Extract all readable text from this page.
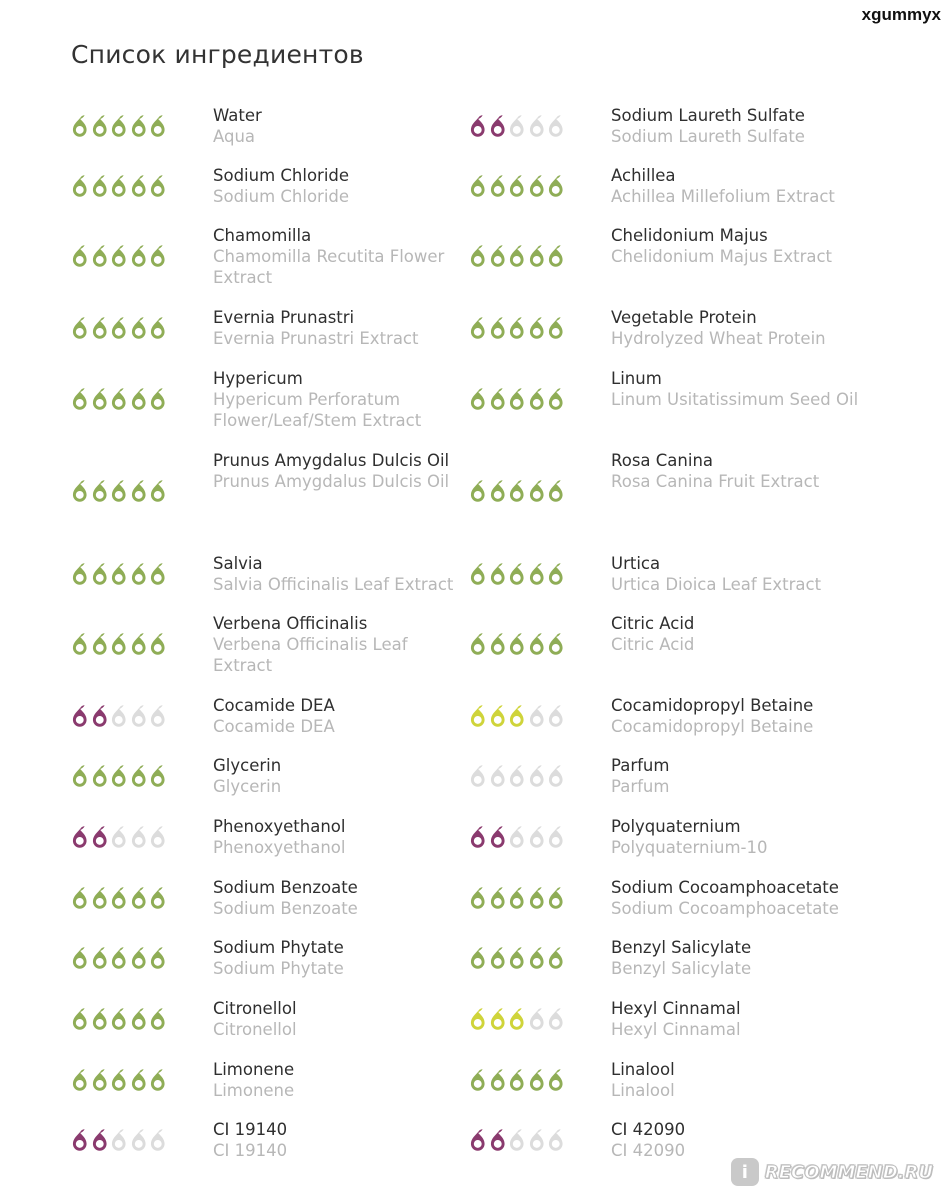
xgummyx
Список ингредиентов
Water
Aqua
Sodium Laureth Sulfate
Sodium Laureth Sulfate
Sodium Chloride
Sodium Chloride
Achillea
Achillea Millefolium Extract
Chamomilla
Chamomilla Recutita Flower Extract
Chelidonium Majus
Chelidonium Majus Extract
Evernia Prunastri
Evernia Prunastri Extract
Vegetable Protein
Hydrolyzed Wheat Protein
Hypericum
Hypericum Perforatum Flower/Leaf/Stem Extract
Linum
Linum Usitatissimum Seed Oil
Prunus Amygdalus Dulcis Oil
Prunus Amygdalus Dulcis Oil
Rosa Canina
Rosa Canina Fruit Extract
Salvia
Salvia Officinalis Leaf Extract
Urtica
Urtica Dioica Leaf Extract
Verbena Officinalis
Verbena Officinalis Leaf Extract
Citric Acid
Citric Acid
Cocamide DEA
Cocamide DEA
Cocamidopropyl Betaine
Cocamidopropyl Betaine
Glycerin
Glycerin
Parfum
Parfum
Phenoxyethanol
Phenoxyethanol
Polyquaternium
Polyquaternium-10
Sodium Benzoate
Sodium Benzoate
Sodium Cocoamphoacetate
Sodium Cocoamphoacetate
Sodium Phytate
Sodium Phytate
Benzyl Salicylate
Benzyl Salicylate
Citronellol
Citronellol
Hexyl Cinnamal
Hexyl Cinnamal
Limonene
Limonene
Linalool
Linalool
CI 19140
CI 19140
CI 42090
CI 42090
i RECOMMEND.RU
